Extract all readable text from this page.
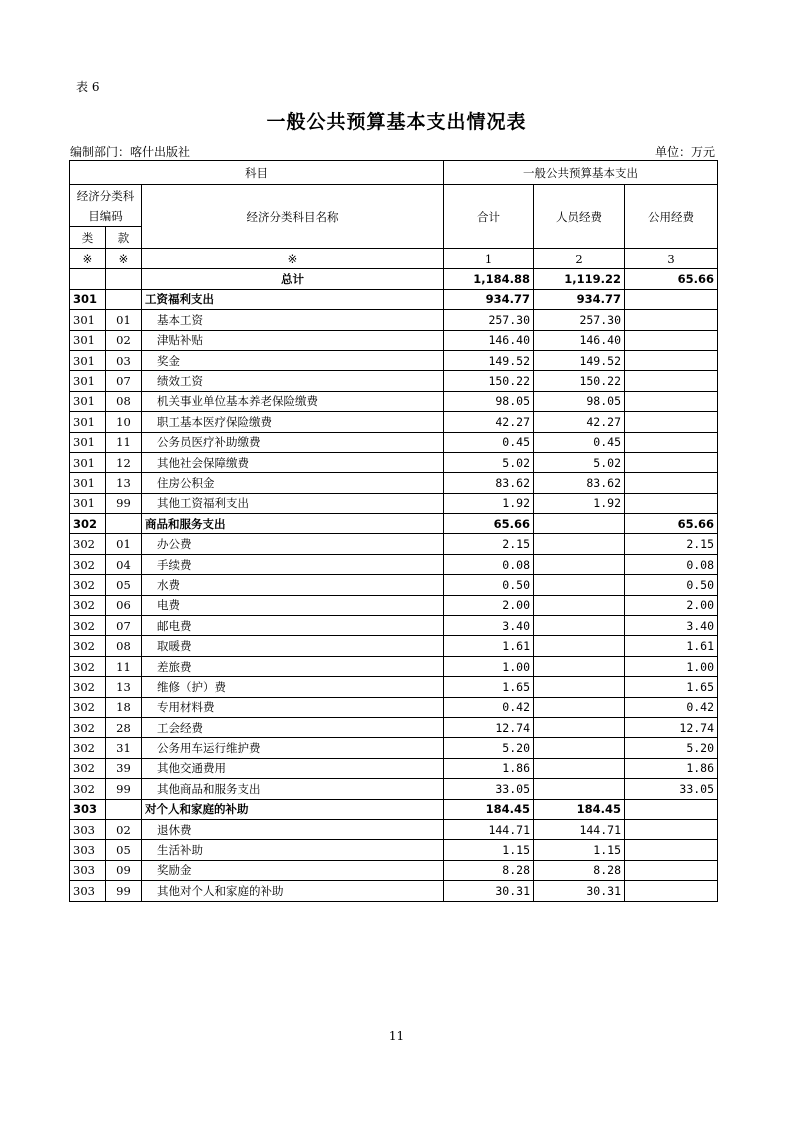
表 6
一般公共预算基本支出情况表
编制部门：喀什出版社	单位：万元
科目			一般公共预算基本支出		
经济分类科目编码		经济分类科目名称	合计	人员经费	公用经费
类	款				
※	※	※	1	2	3
		总计	1,184.88	1,119.22	65.66
301		工资福利支出	934.77	934.77	
301	01	基本工资	257.30	257.30	
301	02	津贴补贴	146.40	146.40	
301	03	奖金	149.52	149.52	
301	07	绩效工资	150.22	150.22	
301	08	机关事业单位基本养老保险缴费	98.05	98.05	
301	10	职工基本医疗保险缴费	42.27	42.27	
301	11	公务员医疗补助缴费	0.45	0.45	
301	12	其他社会保障缴费	5.02	5.02	
301	13	住房公积金	83.62	83.62	
301	99	其他工资福利支出	1.92	1.92	
302		商品和服务支出	65.66		65.66
302	01	办公费	2.15		2.15
302	04	手续费	0.08		0.08
302	05	水费	0.50		0.50
302	06	电费	2.00		2.00
302	07	邮电费	3.40		3.40
302	08	取暖费	1.61		1.61
302	11	差旅费	1.00		1.00
302	13	维修（护）费	1.65		1.65
302	18	专用材料费	0.42		0.42
302	28	工会经费	12.74		12.74
302	31	公务用车运行维护费	5.20		5.20
302	39	其他交通费用	1.86		1.86
302	99	其他商品和服务支出	33.05		33.05
303		对个人和家庭的补助	184.45	184.45	
303	02	退休费	144.71	144.71	
303	05	生活补助	1.15	1.15	
303	09	奖励金	8.28	8.28	
303	99	其他对个人和家庭的补助	30.31	30.31	
11
